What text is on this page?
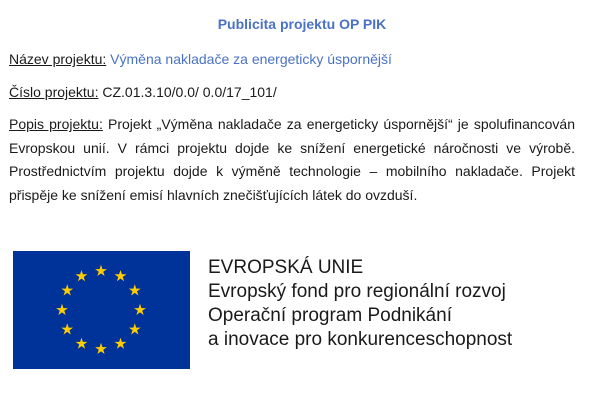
Publicita projektu OP PIK
Název projektu: Výměna nakladače za energeticky úspornější
Číslo projektu: CZ.01.3.10/0.0/ 0.0/17_101/
Popis projektu: Projekt „Výměna nakladače za energeticky úspornější“ je spolufinancován Evropskou unií. V rámci projektu dojde ke snížení energetické náročnosti ve výrobě. Prostřednictvím projektu dojde k výměně technologie – mobilního nakladače. Projekt přispěje ke snížení emisí hlavních znečišťujících látek do ovzduší.
EVROPSKÁ UNIE
Evropský fond pro regionální rozvoj
Operační program Podnikání
a inovace pro konkurenceschopnost
